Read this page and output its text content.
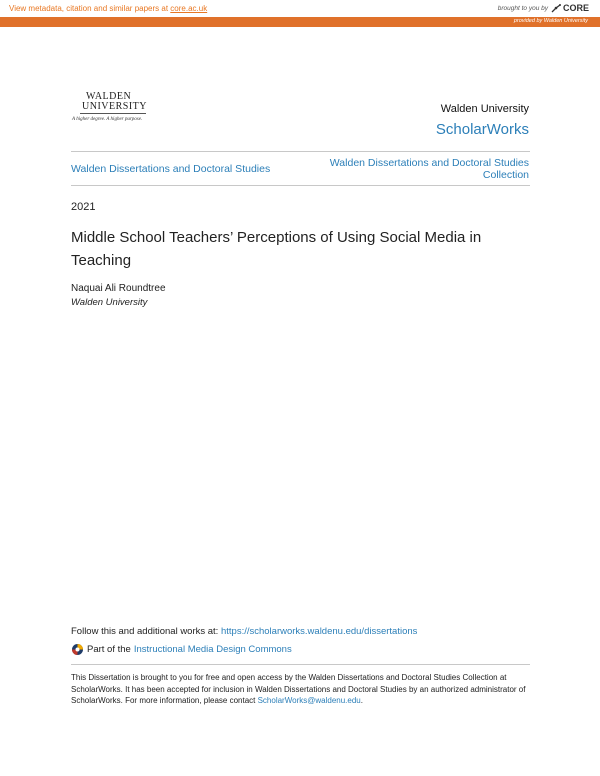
View metadata, citation and similar papers at core.ac.uk	brought to you by CORE
provided by Walden University
WALDEN
UNIVERSITY
A higher degree. A higher purpose.
Walden University
ScholarWorks
Walden Dissertations and Doctoral Studies	Walden Dissertations and Doctoral Studies Collection
2021
Middle School Teachers’ Perceptions of Using Social Media in Teaching
Naquai Ali Roundtree
Walden University
Follow this and additional works at: https://scholarworks.waldenu.edu/dissertations
Part of the Instructional Media Design Commons
This Dissertation is brought to you for free and open access by the Walden Dissertations and Doctoral Studies Collection at ScholarWorks. It has been accepted for inclusion in Walden Dissertations and Doctoral Studies by an authorized administrator of ScholarWorks. For more information, please contact ScholarWorks@waldenu.edu.
